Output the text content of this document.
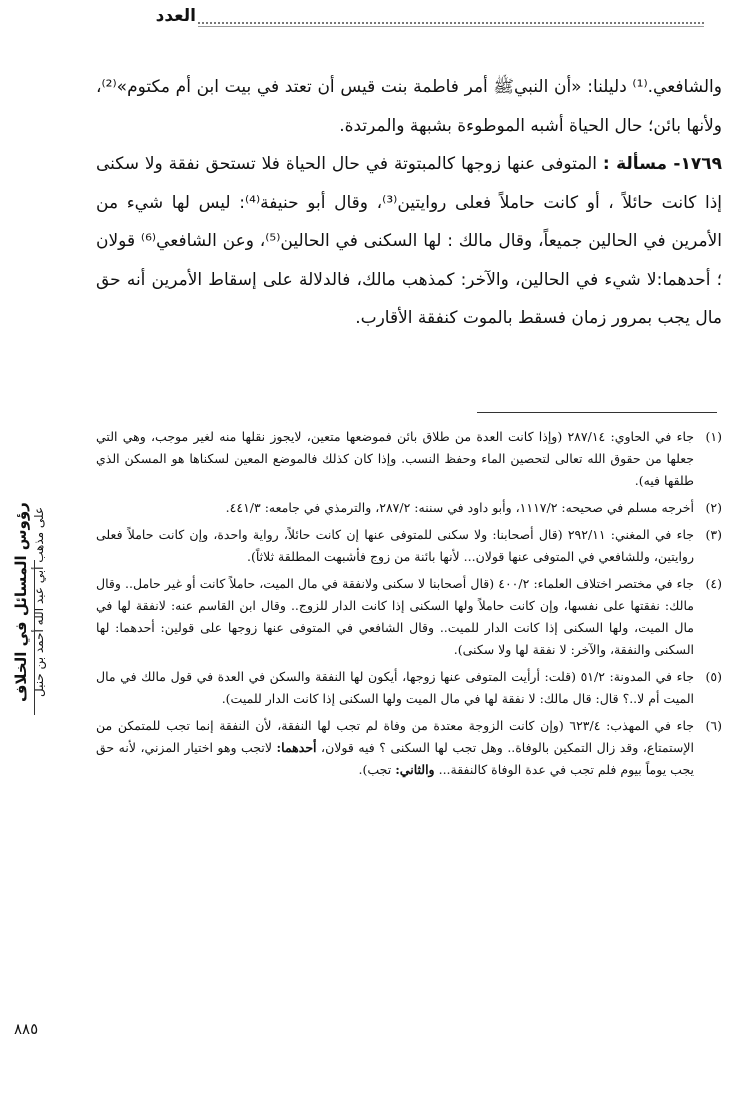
العدد

والشافعي.⁽¹⁾ دليلنا: «أن النبيﷺ أمر فاطمة بنت قيس أن تعتد في بيت ابن أم مكتوم»⁽²⁾، ولأنها بائن؛ حال الحياة أشبه الموطوءة بشبهة والمرتدة.

١٧٦٩- مسألة : المتوفى عنها زوجها كالمبتوتة في حال الحياة فلا تستحق نفقة ولا سكنى إذا كانت حائلاً ، أو كانت حاملاً فعلى روايتين⁽³⁾، وقال أبو حنيفة⁽⁴⁾: ليس لها شيء من الأمرين في الحالين جميعاً، وقال مالك : لها السكنى في الحالين⁽⁵⁾، وعن الشافعي⁽⁶⁾ قولان ؛ أحدهما:لا شيء في الحالين، والآخر: كمذهب مالك، فالدلالة على إسقاط الأمرين أنه حق مال يجب بمرور زمان فسقط بالموت كنفقة الأقارب.

(١)
جاء في الحاوي: ٢٨٧/١٤ (وإذا كانت العدة من طلاق بائن فموضعها متعين، لايجوز نقلها منه لغير موجب، وهي التي جعلها من حقوق الله تعالى لتحصين الماء وحفظ النسب. وإذا كان كذلك فالموضع المعين لسكناها هو المسكن الذي طلقها فيه).

(٢)
أخرجه مسلم في صحيحه: ١١١٧/٢، وأبو داود في سننه: ٢٨٧/٢، والترمذي في جامعه: ٤٤١/٣.

(٣)
جاء في المغني: ٢٩٢/١١ (قال أصحابنا: ولا سكنى للمتوفى عنها إن كانت حائلاً، رواية واحدة، وإن كانت حاملاً فعلى روايتين، وللشافعي في المتوفى عنها قولان... لأنها بائنة من زوج فأشبهت المطلقة ثلاثاً).

(٤)
جاء في مختصر اختلاف العلماء: ٤٠٠/٢ (قال أصحابنا لا سكنى ولانفقة في مال الميت، حاملاً كانت أو غير حامل.. وقال مالك: نفقتها على نفسها، وإن كانت حاملاً ولها السكنى إذا كانت الدار للزوج.. وقال ابن القاسم عنه: لانفقة لها في مال الميت، ولها السكنى إذا كانت الدار للميت.. وقال الشافعي في المتوفى عنها زوجها على قولين: أحدهما: لها السكنى والنفقة، والآخر: لا نفقة لها ولا سكنى).

(٥)
جاء في المدونة: ٥١/٢ (قلت: أرأيت المتوفى عنها زوجها، أيكون لها النفقة والسكن في العدة في قول مالك في مال الميت أم لا..؟ قال: قال مالك: لا نفقة لها في مال الميت ولها السكنى إذا كانت الدار للميت).

(٦)
جاء في المهذب: ٦٢٣/٤ (وإن كانت الزوجة معتدة من وفاة لم تجب لها النفقة، لأن النفقة إنما تجب للمتمكن من الإستمتاع، وقد زال التمكين بالوفاة.. وهل تجب لها السكنى ؟ فيه قولان، أحدهما: لاتجب وهو اختيار المزني، لأنه حق يجب يوماً بيوم فلم تجب في عدة الوفاة كالنفقة... والثاني: تجب).

رؤوس المسائل في الخلاف على مذهب أبي عبد الله أحمد بن حنبل
٨٨٥
